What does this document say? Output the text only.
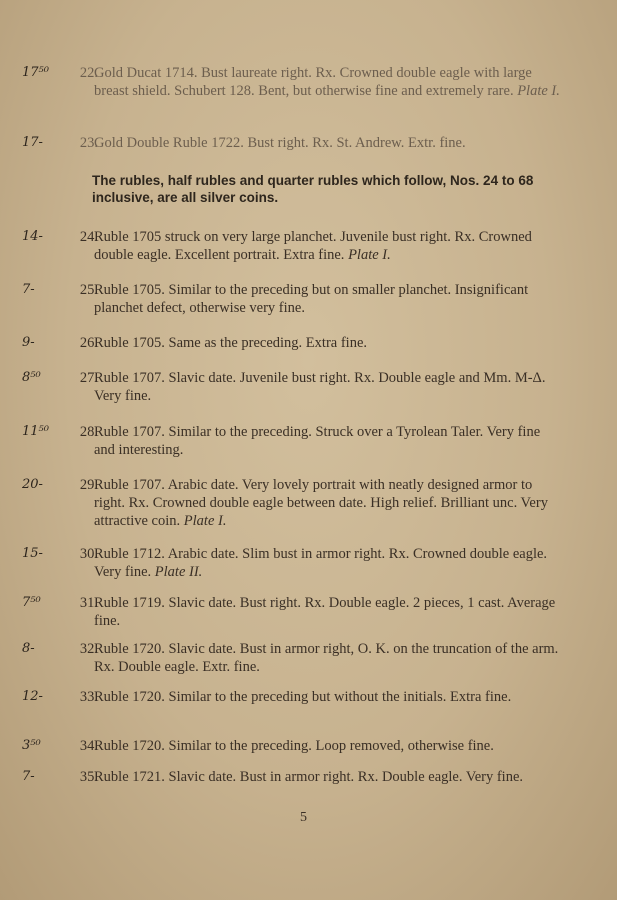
17⁵⁰	22.
Gold Ducat 1714. Bust laureate right. Rx. Crowned double eagle with large breast shield. Schubert 128. Bent, but otherwise fine and extremely rare. Plate I.
17-	23.
Gold Double Ruble 1722. Bust right. Rx. St. Andrew. Extr. fine.
The rubles, half rubles and quarter rubles which follow, Nos. 24 to 68 inclusive, are all silver coins.
14-	24.
Ruble 1705 struck on very large planchet. Juvenile bust right. Rx. Crowned double eagle. Excellent portrait. Extra fine. Plate I.
7-	25.
Ruble 1705. Similar to the preceding but on smaller planchet. Insignificant planchet defect, otherwise very fine.
9-	26.
Ruble 1705. Same as the preceding. Extra fine.
8⁵⁰	27.
Ruble 1707. Slavic date. Juvenile bust right. Rx. Double eagle and Mm. M-Δ. Very fine.
11⁵⁰	28.
Ruble 1707. Similar to the preceding. Struck over a Tyrolean Taler. Very fine and interesting.
20-	29.
Ruble 1707. Arabic date. Very lovely portrait with neatly designed armor to right. Rx. Crowned double eagle between date. High relief. Brilliant unc. Very attractive coin. Plate I.
15-	30.
Ruble 1712. Arabic date. Slim bust in armor right. Rx. Crowned double eagle. Very fine. Plate II.
7⁵⁰	31.
Ruble 1719. Slavic date. Bust right. Rx. Double eagle. 2 pieces, 1 cast. Average fine.
8-	32.
Ruble 1720. Slavic date. Bust in armor right, O. K. on the truncation of the arm. Rx. Double eagle. Extr. fine.
12-	33.
Ruble 1720. Similar to the preceding but without the initials. Extra fine.
3⁵⁰	34.
Ruble 1720. Similar to the preceding. Loop removed, otherwise fine.
7-	35.
Ruble 1721. Slavic date. Bust in armor right. Rx. Double eagle. Very fine.
5
